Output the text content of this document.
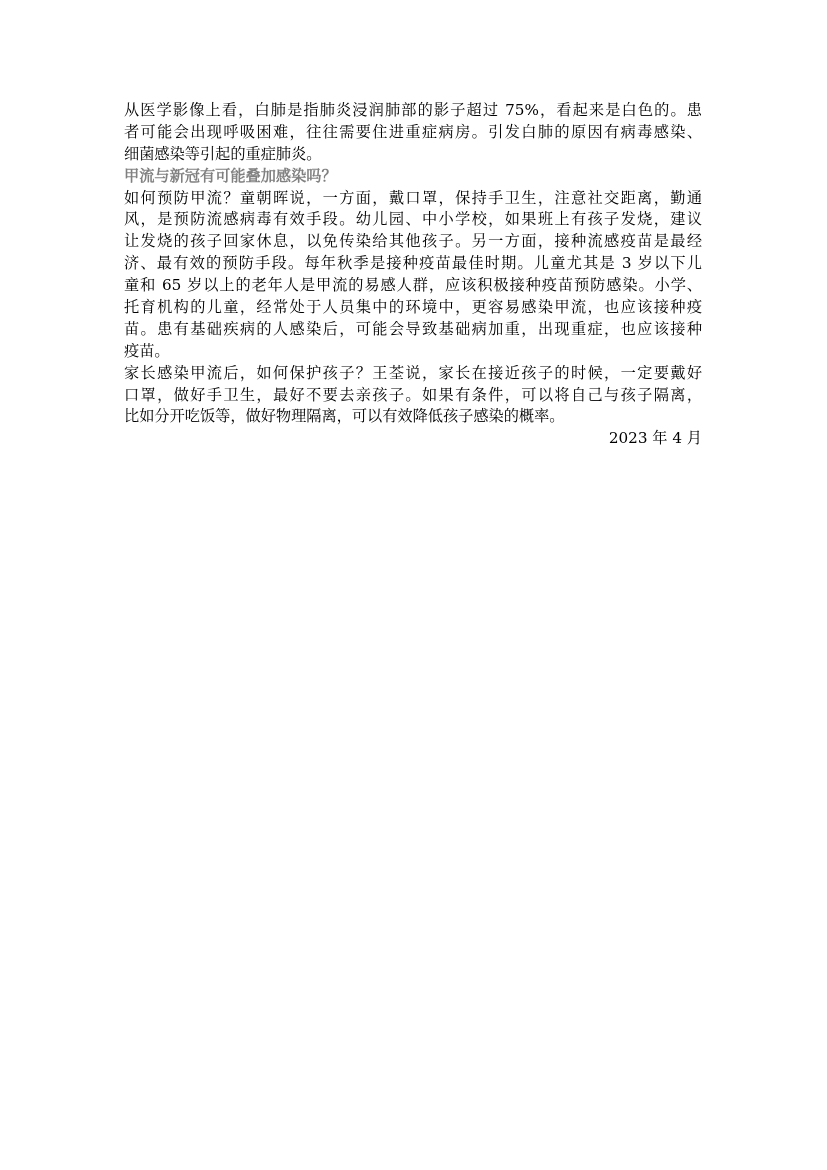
从医学影像上看，白肺是指肺炎浸润肺部的影子超过 75%，看起来是白色的。患
者可能会出现呼吸困难，往往需要住进重症病房。引发白肺的原因有病毒感染、
细菌感染等引起的重症肺炎。
甲流与新冠有可能叠加感染吗？
如何预防甲流？童朝晖说，一方面，戴口罩，保持手卫生，注意社交距离，勤通
风，是预防流感病毒有效手段。幼儿园、中小学校，如果班上有孩子发烧，建议
让发烧的孩子回家休息，以免传染给其他孩子。另一方面，接种流感疫苗是最经
济、最有效的预防手段。每年秋季是接种疫苗最佳时期。儿童尤其是 3 岁以下儿
童和 65 岁以上的老年人是甲流的易感人群，应该积极接种疫苗预防感染。小学、
托育机构的儿童，经常处于人员集中的环境中，更容易感染甲流，也应该接种疫
苗。患有基础疾病的人感染后，可能会导致基础病加重，出现重症，也应该接种
疫苗。
家长感染甲流后，如何保护孩子？王荃说，家长在接近孩子的时候，一定要戴好
口罩，做好手卫生，最好不要去亲孩子。如果有条件，可以将自己与孩子隔离，
比如分开吃饭等，做好物理隔离，可以有效降低孩子感染的概率。
2023 年 4 月
